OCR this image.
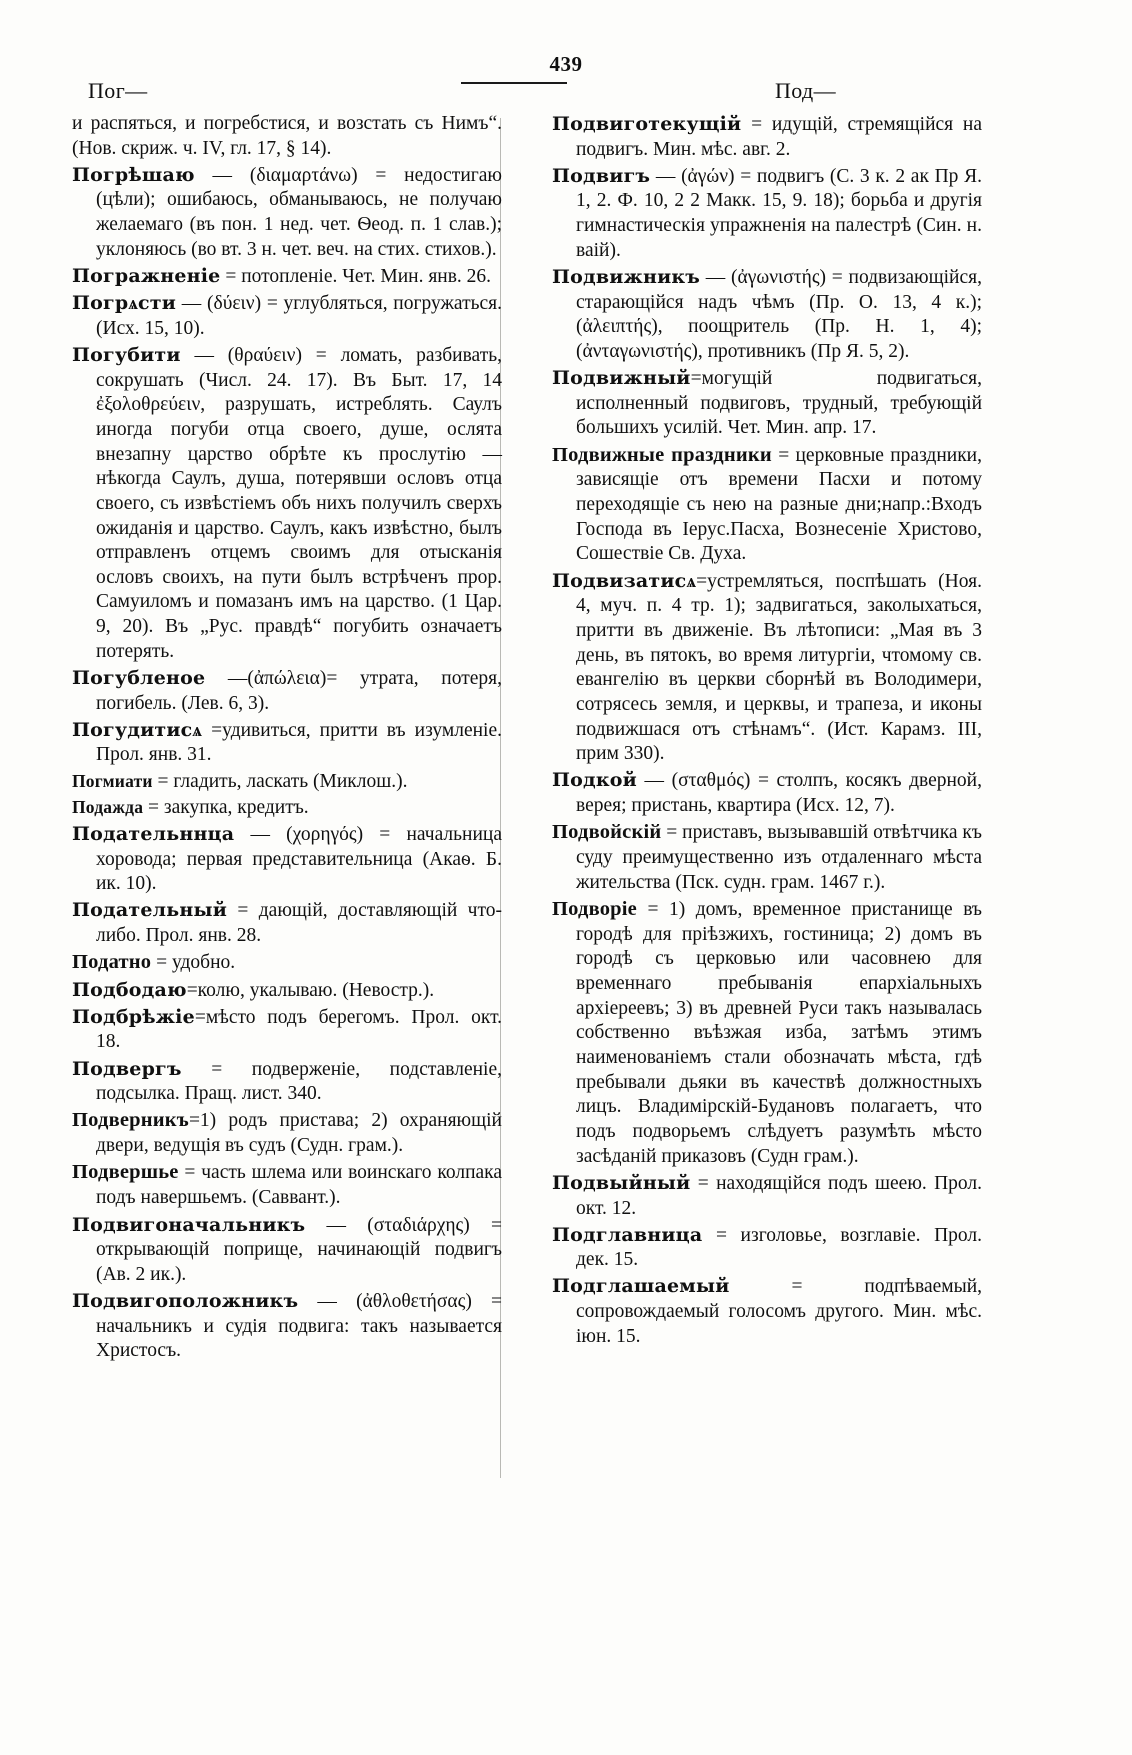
439
Пог—	Под—

и распяться, и погребстися, и возстать съ Нимъ“. (Нов. скриж. ч. IV, гл. 17, § 14).

Погрѣшаю — (διαμαρτάνω) = недостигаю (цѣли); ошибаюсь, обманываюсь, не получаю желаемаго (въ пон. 1 нед. чет. Ѳеод. п. 1 слав.); уклоняюсь (во вт. 3 н. чет. веч. на стих. стихов.).

Погражненіе = потопленіе. Чет. Мин. янв. 26.

Погрѧсти — (δύειν) = углубляться, погружаться. (Исх. 15, 10).

Погубити — (θραύειν) = ломать, разбивать, сокрушать (Числ. 24. 17). Въ Быт. 17, 14 ἐξολοθρεύειν, разрушать, истреблять. Саулъ иногда погуби отца своего, душе, ослята внезапну царство обрѣте къ прослутію — нѣкогда Саулъ, душа, потерявши ословъ отца своего, съ извѣстіемъ объ нихъ получилъ сверхъ ожиданія и царство. Саулъ, какъ извѣстно, былъ отправленъ отцемъ своимъ для отысканія ословъ своихъ, на пути былъ встрѣченъ прор. Самуиломъ и помазанъ имъ на царство. (1 Цар. 9, 20). Въ „Рус. правдѣ“ погубить означаетъ потерять.

Погубленое —(ἀπώλεια)= утрата, потеря, погибель. (Лев. 6, 3).

Погудитисѧ =удивиться, притти въ изумленіе. Прол. янв. 31.

Погмиати = гладить, ласкать (Миклош.).

Подажда = закупка, кредитъ.

Подательннца — (χορηγός) = начальница хоровода; первая представительница (Акаѳ. Б. ик. 10).

Подательный = дающій, доставляющій что-либо. Прол. янв. 28.

Податно = удобно.

Подбодаю=колю, укалываю. (Невостр.).

Подбрѣжіе=мѣсто подъ берегомъ. Прол. окт. 18.

Подвергъ = подверженіе, подставленіе, подсылка. Пращ. лист. 340.

Подверникъ=1) родъ пристава; 2) охраняющій двери, ведущія въ судъ (Судн. грам.).

Подвершье = часть шлема или воинскаго колпака подъ навершьемъ. (Саввант.).

Подвигоначальникъ — (σταδιάρχης) = открывающій поприще, начинающій подвигъ (Ав. 2 ик.).

Подвигоположникъ — (ἀθλοθετήσας) = начальникъ и судія подвига: такъ называется Христосъ.

Подвиготекущій = идущій, стремящійся на подвигъ. Мин. мѣс. авг. 2.

Подвигъ — (ἀγών) = подвигъ (С. 3 к. 2 ак Пр Я. 1, 2. Ф. 10, 2 2 Макк. 15, 9. 18); борьба и другія гимнастическія упражненія на палестрѣ (Син. н. ваій).

Подвижникъ — (ἀγωνιστής) = подвизающійся, старающійся надъ чѣмъ (Пр. О. 13, 4 к.); (ἀλειπτής), поощритель (Пр. Н. 1, 4); (ἀνταγωνιστής), противникъ (Пр Я. 5, 2).

Подвижный=могущій подвигаться, исполненный подвиговъ, трудный, требующій большихъ усилій. Чет. Мин. апр. 17.

Подвижные праздники = церковные праздники, зависящіе отъ времени Пасхи и потому переходящіе съ нею на разные дни;напр.:Входъ Господа въ Іерус.Пасха, Вознесеніе Христово, Сошествіе Св. Духа.

Подвизатисѧ=устремляться, поспѣшать (Ноя. 4, муч. п. 4 тр. 1); задвигаться, заколыхаться, притти въ движеніе. Въ лѣтописи: „Мая въ 3 день, въ пятокъ, во время литургіи, чтомому св. евангелію въ церкви сборнѣй въ Володимери, сотрясесь земля, и церквы, и трапеза, и иконы подвижшася отъ стѣнамъ“. (Ист. Карамз. III, прим 330).

Подкой — (σταθμός) = столпъ, косякъ дверной, верея; пристань, квартира (Исх. 12, 7).

Подвойскій = приставъ, вызывавшій отвѣтчика къ суду преимущественно изъ отдаленнаго мѣста жительства (Пск. судн. грам. 1467 г.).

Подворіе = 1) домъ, временное пристанище въ городѣ для прiѣзжихъ, гостиница; 2) домъ въ городѣ съ церковью или часовнею для временнаго пребыванія епархіальныхъ архіереевъ; 3) въ древней Руси такъ называлась собственно въѣзжая изба, затѣмъ этимъ наименованіемъ стали обозначать мѣста, гдѣ пребывали дьяки въ качествѣ должностныхъ лицъ. Владимірскій-Будановъ полагаетъ, что подъ подворьемъ слѣдуетъ разумѣть мѣсто засѣданій приказовъ (Судн грам.).

Подвыйный = находящійся подъ шеею. Прол. окт. 12.

Подглавница = изголовье, возглавіе. Прол. дек. 15.

Подглашаемый = подпѣваемый, сопровождаемый голосомъ другого. Мин. мѣс. іюн. 15.
